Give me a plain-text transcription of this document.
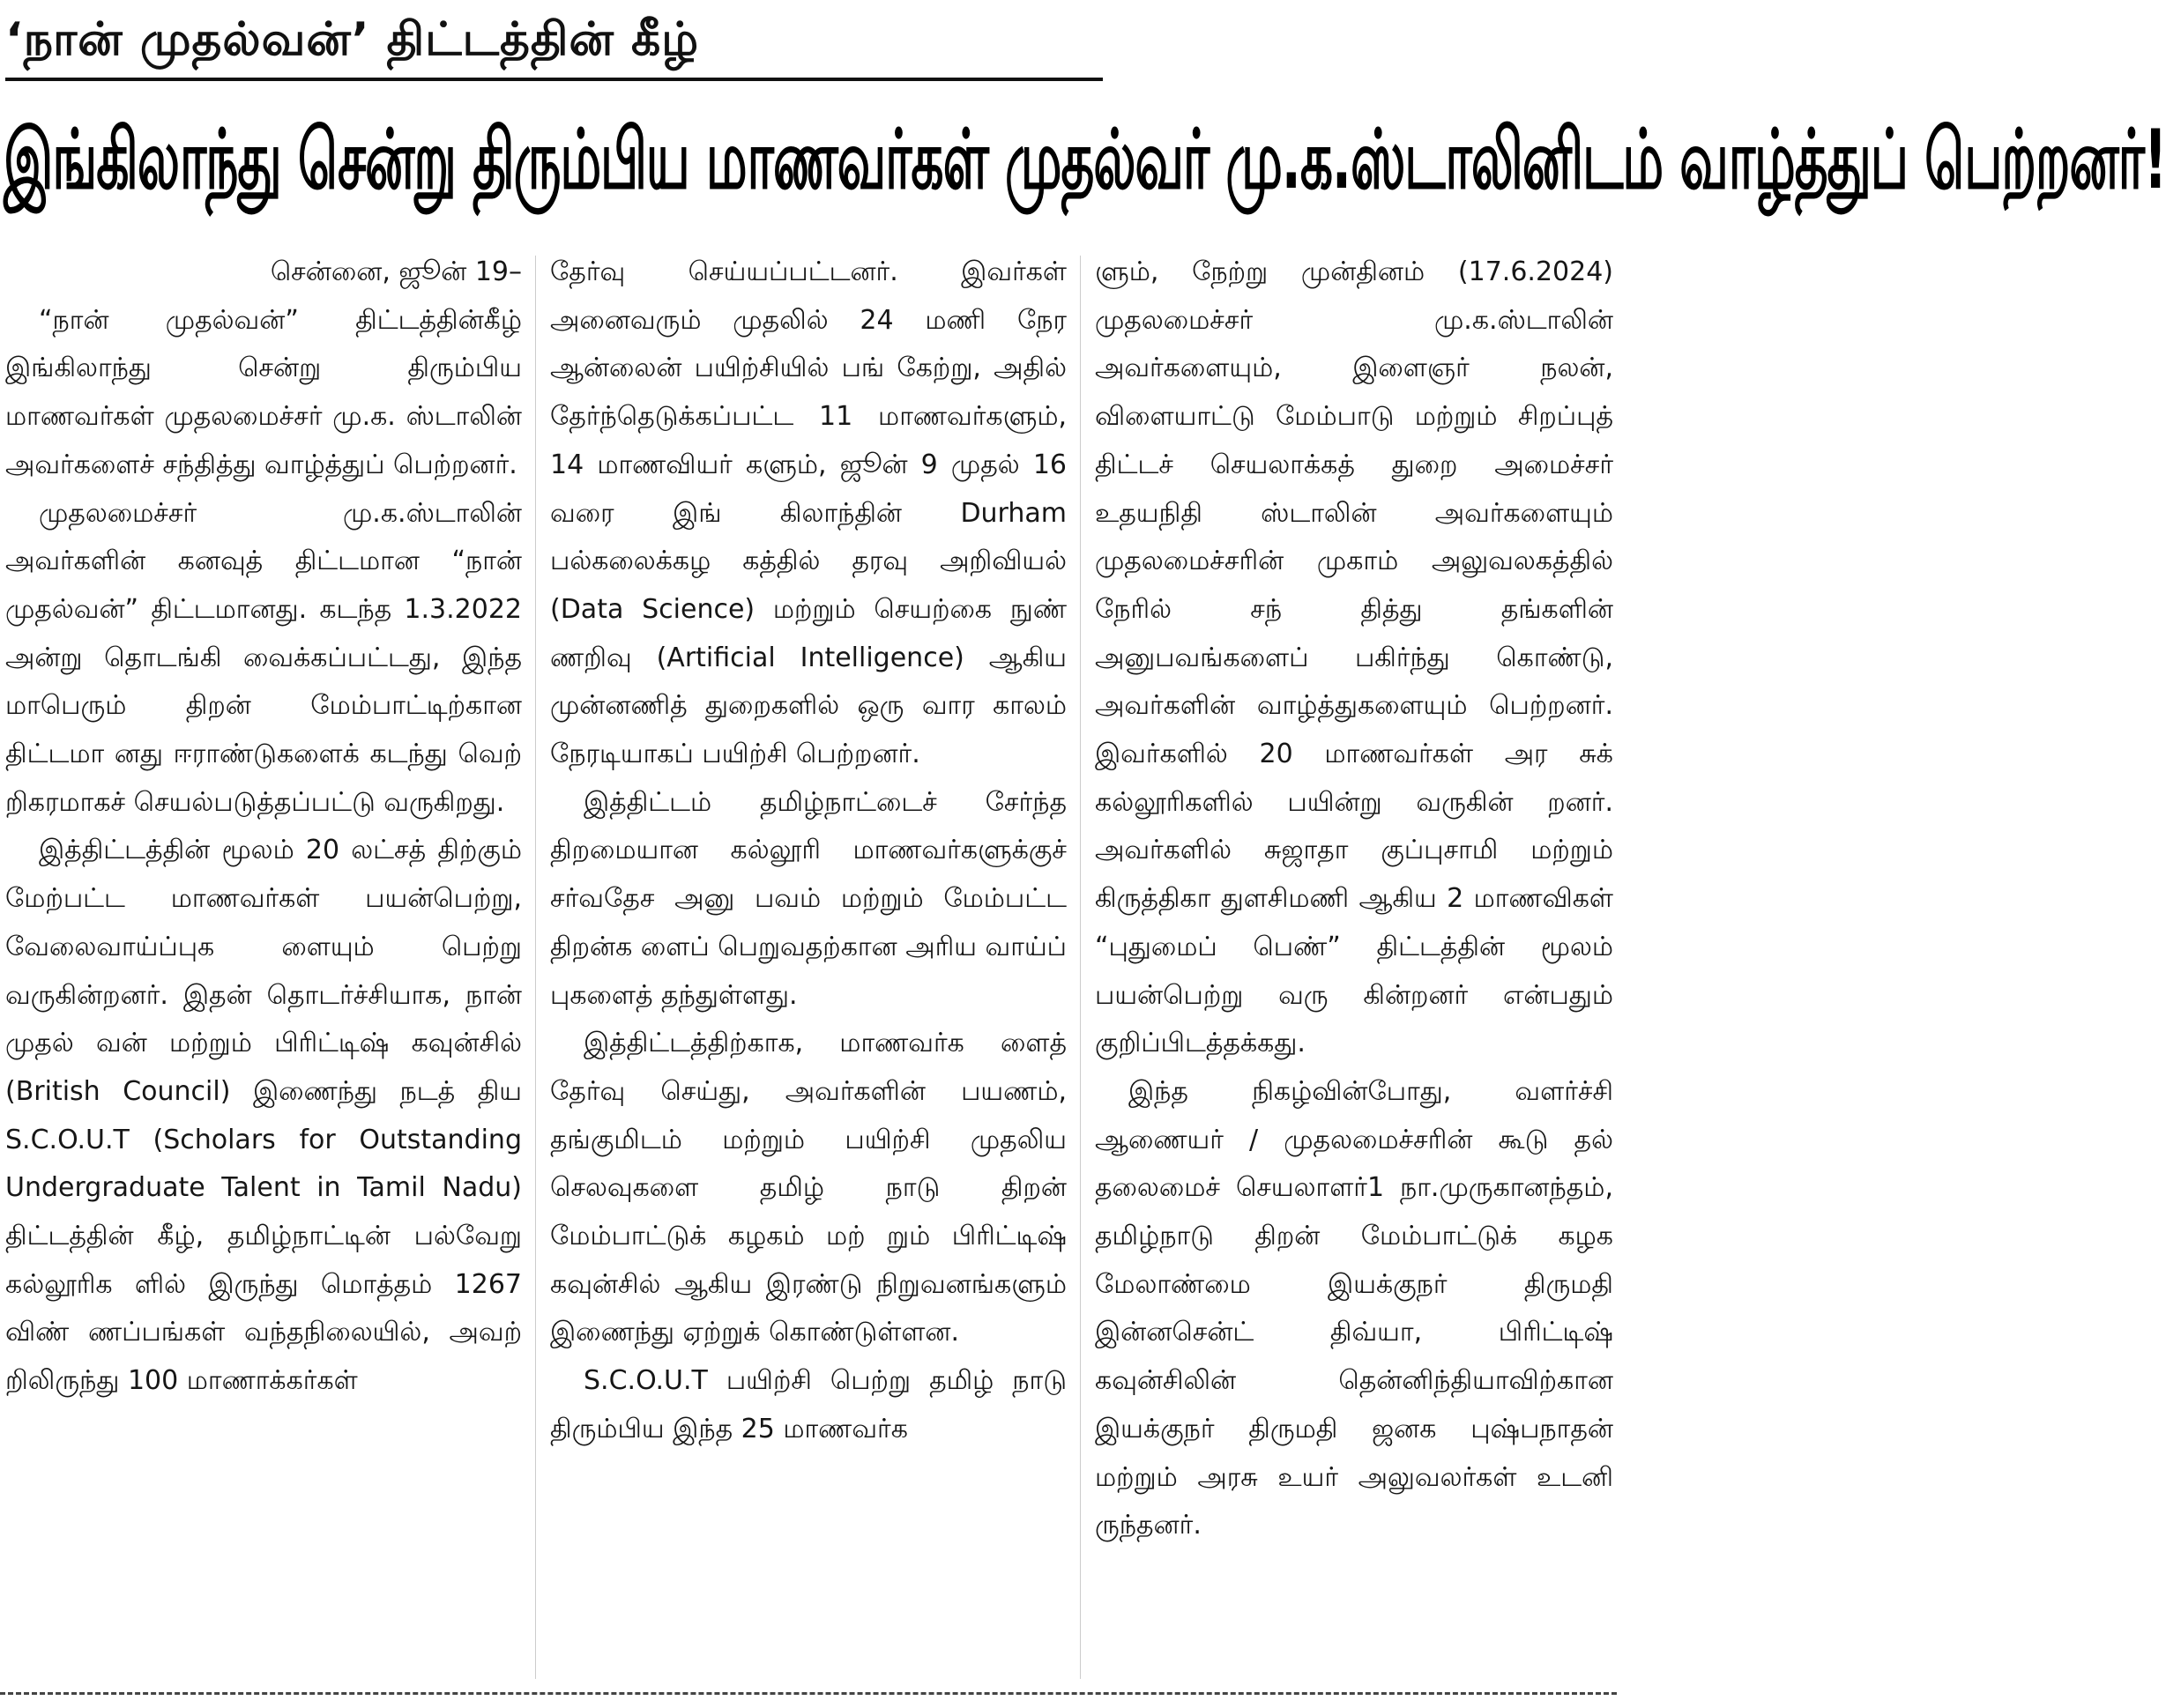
‘நான் முதல்வன்’ திட்டத்தின் கீழ்
இங்கிலாந்து சென்று திரும்பிய மாணவர்கள் முதல்வர் மு.க.ஸ்டாலினிடம் வாழ்த்துப் பெற்றனர்!

சென்னை, ஜூன் 19–

“நான் முதல்வன்” திட்டத்தின்கீழ் இங்கிலாந்து சென்று திரும்பிய மாணவர்கள் முதலமைச்சர் மு.க. ஸ்டாலின் அவர்களைச் சந்தித்து வாழ்த்துப் பெற்றனர்.

முதலமைச்சர் மு.க.ஸ்டாலின் அவர்களின் கனவுத் திட்டமான “நான் முதல்வன்” திட்டமானது. கடந்த 1.3.2022 அன்று தொடங்கி வைக்கப்பட்டது, இந்த மாபெரும் திறன் மேம்பாட்டிற்கான திட்டமா னது ஈராண்டுகளைக் கடந்து வெற் றிகரமாகச் செயல்படுத்தப்பட்டு வருகிறது.

இத்திட்டத்தின் மூலம் 20 லட்சத் திற்கும் மேற்பட்ட மாணவர்கள் பயன்பெற்று, வேலைவாய்ப்புக ளையும் பெற்று வருகின்றனர். இதன் தொடர்ச்சியாக, நான் முதல் வன் மற்றும் பிரிட்டிஷ் கவுன்சில் (British Council) இணைந்து நடத் திய S.C.O.U.T (Scholars for Outstanding Undergraduate Talent in Tamil Nadu) திட்டத்தின் கீழ், தமிழ்நாட்டின் பல்வேறு கல்லூரிக ளில் இருந்து மொத்தம் 1267 விண் ணப்பங்கள் வந்தநிலையில், அவற் றிலிருந்து 100 மாணாக்கர்கள்

தேர்வு செய்யப்பட்டனர். இவர்கள் அனைவரும் முதலில் 24 மணி நேர ஆன்லைன் பயிற்சியில் பங் கேற்று, அதில் தேர்ந்தெடுக்கப்பட்ட 11 மாணவர்களும், 14 மாணவியர் களும், ஜூன் 9 முதல் 16 வரை இங் கிலாந்தின் Durham பல்கலைக்கழ கத்தில் தரவு அறிவியல் (Data Science) மற்றும் செயற்கை நுண் ணறிவு (Artificial Intelligence) ஆகிய முன்னணித் துறைகளில் ஒரு வார காலம் நேரடியாகப் பயிற்சி பெற்றனர்.

இத்திட்டம் தமிழ்நாட்டைச் சேர்ந்த திறமையான கல்லூரி மாணவர்களுக்குச் சர்வதேச அனு பவம் மற்றும் மேம்பட்ட திறன்க ளைப் பெறுவதற்கான அரிய வாய்ப் புகளைத் தந்துள்ளது.

இத்திட்டத்திற்காக, மாணவர்க ளைத் தேர்வு செய்து, அவர்களின் பயணம், தங்குமிடம் மற்றும் பயிற்சி முதலிய செலவுகளை தமிழ் நாடு திறன் மேம்பாட்டுக் கழகம் மற் றும் பிரிட்டிஷ் கவுன்சில் ஆகிய இரண்டு நிறுவனங்களும் இணைந்து ஏற்றுக் கொண்டுள்ளன.

S.C.O.U.T பயிற்சி பெற்று தமிழ் நாடு திரும்பிய இந்த 25 மாணவர்க

ளும், நேற்று முன்தினம் (17.6.2024) முதலமைச்சர் மு.க.ஸ்டாலின் அவர்களையும், இளைஞர் நலன், விளையாட்டு மேம்பாடு மற்றும் சிறப்புத் திட்டச் செயலாக்கத் துறை அமைச்சர் உதயநிதி ஸ்டாலின் அவர்களையும் முதலமைச்சரின் முகாம் அலுவலகத்தில் நேரில் சந் தித்து தங்களின் அனுபவங்களைப் பகிர்ந்து கொண்டு, அவர்களின் வாழ்த்துகளையும் பெற்றனர். இவர்களில் 20 மாணவர்கள் அர சுக் கல்லூரிகளில் பயின்று வருகின் றனர். அவர்களில் சுஜாதா குப்புசாமி மற்றும் கிருத்திகா துளசிமணி ஆகிய 2 மாணவிகள் “புதுமைப் பெண்” திட்டத்தின் மூலம் பயன்பெற்று வரு கின்றனர் என்பதும் குறிப்பிடத்தக்கது.

இந்த நிகழ்வின்போது, வளர்ச்சி ஆணையர் / முதலமைச்சரின் கூடு தல் தலைமைச் செயலாளர்1 நா.முருகானந்தம், தமிழ்நாடு திறன் மேம்பாட்டுக் கழக மேலாண்மை இயக்குநர் திருமதி இன்னசென்ட் திவ்யா, பிரிட்டிஷ் கவுன்சிலின் தென்னிந்தியாவிற்கான இயக்குநர் திருமதி ஜனக புஷ்பநாதன் மற்றும் அரசு உயர் அலுவலர்கள் உடனி ருந்தனர்.
